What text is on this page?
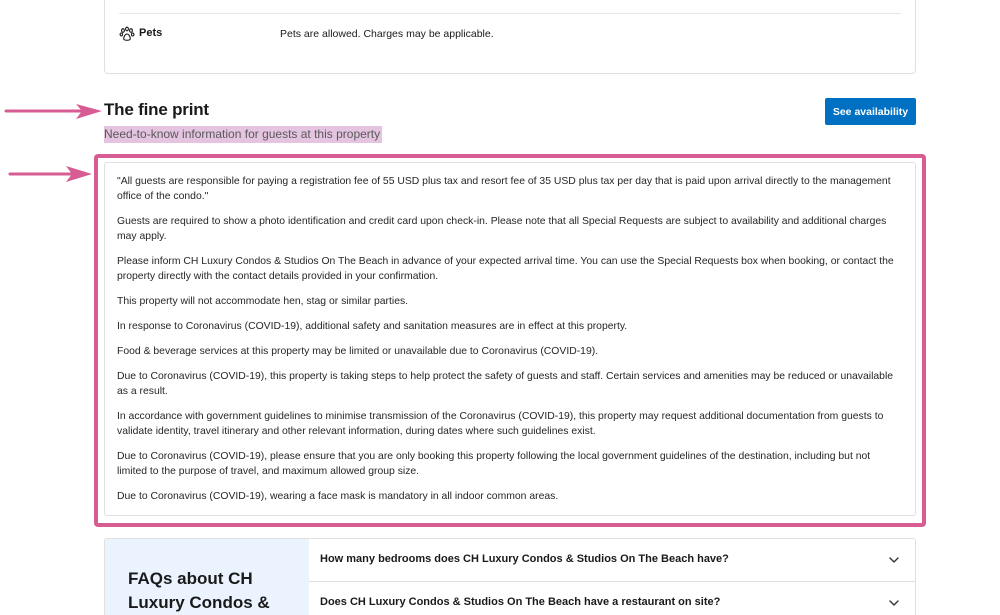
Pets	Pets are allowed. Charges may be applicable.
The fine print
Need-to-know information for guests at this property
See availability

"All guests are responsible for paying a registration fee of 55 USD plus tax and resort fee of 35 USD plus tax per day that is paid upon arrival directly to the management office of the condo."

Guests are required to show a photo identification and credit card upon check-in. Please note that all Special Requests are subject to availability and additional charges may apply.

Please inform CH Luxury Condos & Studios On The Beach in advance of your expected arrival time. You can use the Special Requests box when booking, or contact the property directly with the contact details provided in your confirmation.

This property will not accommodate hen, stag or similar parties.

In response to Coronavirus (COVID-19), additional safety and sanitation measures are in effect at this property.

Food & beverage services at this property may be limited or unavailable due to Coronavirus (COVID-19).

Due to Coronavirus (COVID-19), this property is taking steps to help protect the safety of guests and staff. Certain services and amenities may be reduced or unavailable as a result.

In accordance with government guidelines to minimise transmission of the Coronavirus (COVID-19), this property may request additional documentation from guests to validate identity, travel itinerary and other relevant information, during dates where such guidelines exist.

Due to Coronavirus (COVID-19), please ensure that you are only booking this property following the local government guidelines of the destination, including but not limited to the purpose of travel, and maximum allowed group size.

Due to Coronavirus (COVID-19), wearing a face mask is mandatory in all indoor common areas.

FAQs about CH Luxury Condos &
How many bedrooms does CH Luxury Condos & Studios On The Beach have?
Does CH Luxury Condos & Studios On The Beach have a restaurant on site?
